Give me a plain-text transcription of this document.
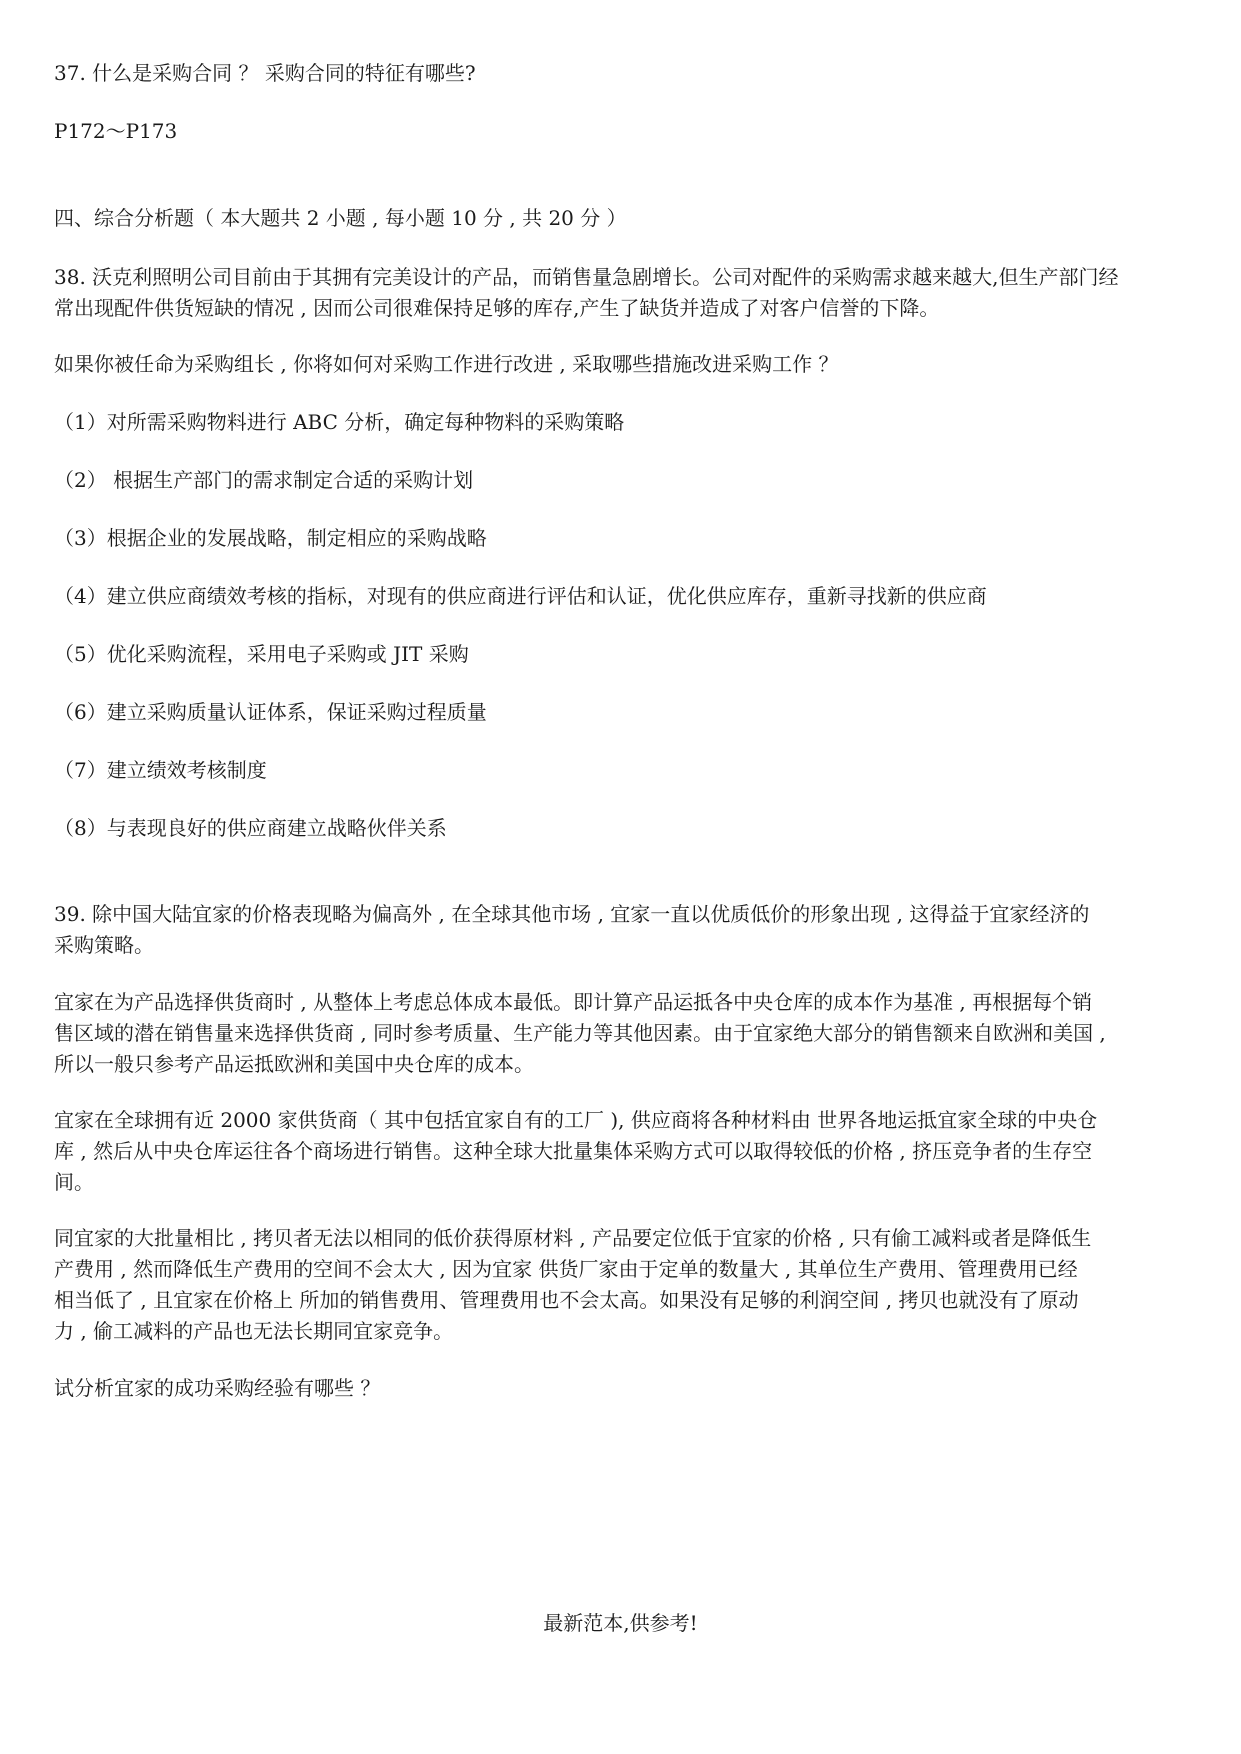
37. 什么是采购合同 ？ 采购合同的特征有哪些?
P172～P173
四、综合分析题（ 本大题共 2 小题 , 每小题 10 分 , 共 20 分 ）
38. 沃克利照明公司目前由于其拥有完美设计的产品，而销售量急剧增长。公司对配件的采购需求越来越大,但生产部门经
常出现配件供货短缺的情况 , 因而公司很难保持足够的库存,产生了缺货并造成了对客户信誉的下降。
如果你被任命为采购组长 , 你将如何对采购工作进行改进 , 采取哪些措施改进采购工作 ？
（1）对所需采购物料进行 ABC 分析，确定每种物料的采购策略
（2） 根据生产部门的需求制定合适的采购计划
（3）根据企业的发展战略，制定相应的采购战略
（4）建立供应商绩效考核的指标，对现有的供应商进行评估和认证，优化供应库存，重新寻找新的供应商
（5）优化采购流程，采用电子采购或 JIT 采购
（6）建立采购质量认证体系，保证采购过程质量
（7）建立绩效考核制度
（8）与表现良好的供应商建立战略伙伴关系
39. 除中国大陆宜家的价格表现略为偏高外 , 在全球其他市场 , 宜家一直以优质低价的形象出现 , 这得益于宜家经济的
采购策略。
宜家在为产品选择供货商时 , 从整体上考虑总体成本最低。即计算产品运抵各中央仓库的成本作为基准 , 再根据每个销
售区域的潜在销售量来选择供货商 , 同时参考质量、生产能力等其他因素。由于宜家绝大部分的销售额来自欧洲和美国 ,
所以一般只参考产品运抵欧洲和美国中央仓库的成本。
宜家在全球拥有近 2000 家供货商（ 其中包括宜家自有的工厂 ), 供应商将各种材料由 世界各地运抵宜家全球的中央仓
库 , 然后从中央仓库运往各个商场进行销售。这种全球大批量集体采购方式可以取得较低的价格 , 挤压竞争者的生存空
间。
同宜家的大批量相比 , 拷贝者无法以相同的低价获得原材料 , 产品要定位低于宜家的价格 , 只有偷工减料或者是降低生
产费用 , 然而降低生产费用的空间不会太大 , 因为宜家 供货厂家由于定单的数量大 , 其单位生产费用、管理费用已经
相当低了 , 且宜家在价格上 所加的销售费用、管理费用也不会太高。如果没有足够的利润空间 , 拷贝也就没有了原动
力 , 偷工减料的产品也无法长期同宜家竞争。
试分析宜家的成功采购经验有哪些 ？
最新范本,供参考!
